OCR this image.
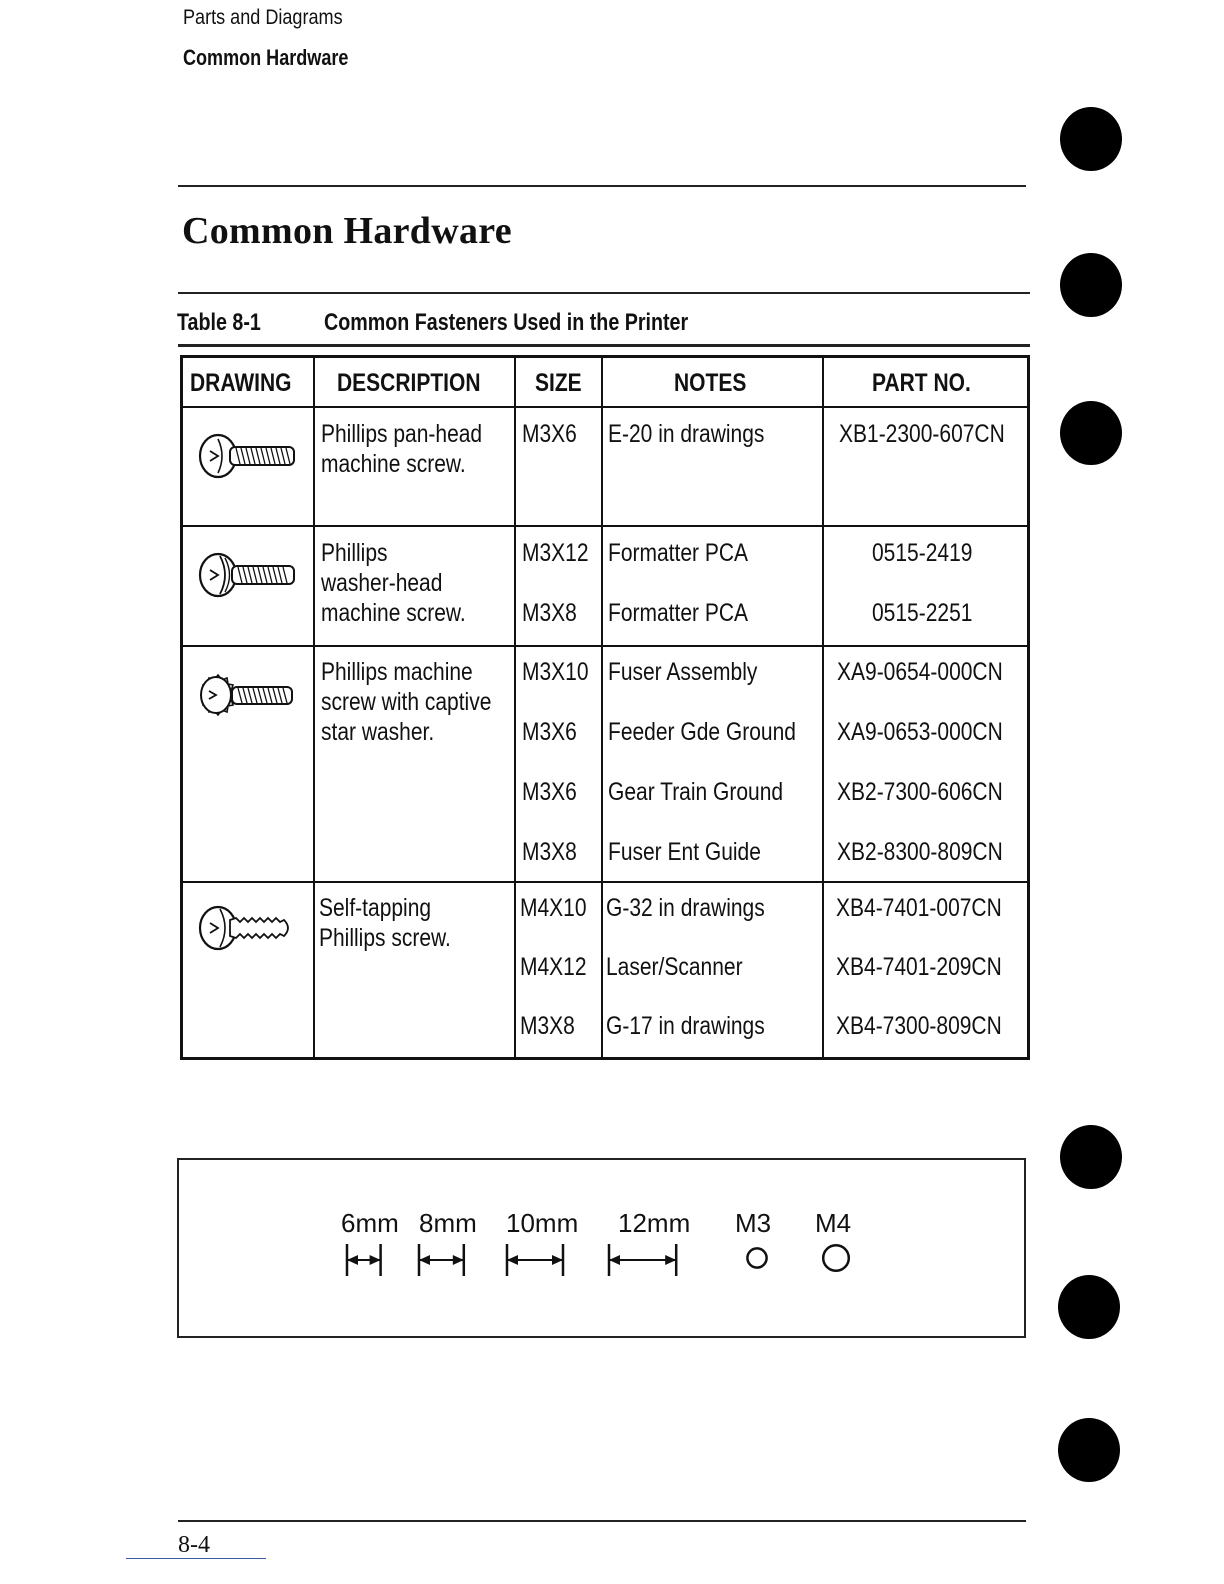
Parts and Diagrams
Common Hardware
Common Hardware
Table 8-1	Common Fasteners Used in the Printer
DRAWING DESCRIPTION SIZE	NOTES	PART NO.
Phillips pan-head
machine screw.
M3X6 E-20 in drawings	XB1-2300-607CN
Phillips
washer-head
machine screw.
M3X12 Formatter PCA	0515-2419
M3X8 Formatter PCA	0515-2251
Phillips machine
screw with captive
star washer.
M3X10 Fuser Assembly	XA9-0654-000CN
M3X6 Feeder Gde Ground XA9-0653-000CN
M3X6 Gear Train Ground XB2-7300-606CN
M3X8 Fuser Ent Guide	XB2-8300-809CN
Self-tapping
Phillips screw.
M4X10 G-32 in drawings	XB4-7401-007CN
M4X12 Laser/Scanner	XB4-7401-209CN
M3X8 G-17 in drawings	XB4-7300-809CN
6mm 8mm 10mm 12mm M3 M4
8-4
